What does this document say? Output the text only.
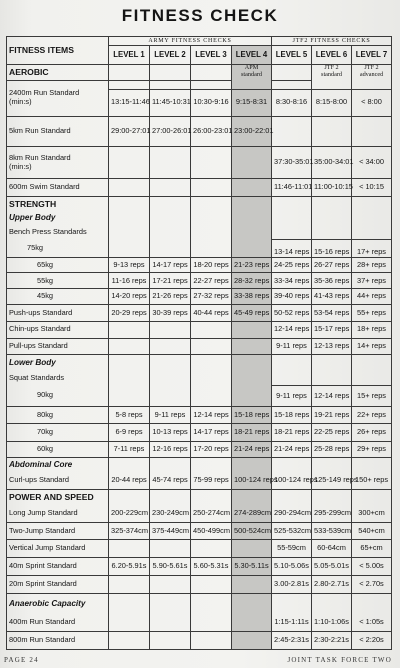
FITNESS CHECK
FITNESS ITEMS	ARMY FITNESS CHECKS				JTF2 FITNESS CHECKS		
	LEVEL 1	LEVEL 2	LEVEL 3	LEVEL 4	LEVEL 5	LEVEL 6	LEVEL 7
AEROBIC				APM standard		JTF 2 standard	JTF 2 advanced

2400m Run Standard
(min:s)	13:15-11:46	11:45-10:31	10:30-9:16	9:15-8:31	8:30-8:16	8:15-8:00	< 8:00
5km Run Standard	29:00-27:01	27:00-26:01	26:00-23:01	23:00-22:01			
8km Run Standard
(min:s)					37:30-35:01	35:00-34:01	< 34:00
600m Swim Standard					11:46-11:01	11:00-10:15	< 10:15
STRENGTH							
Upper Body							
Bench Press Standards							
75kg					13-14 reps	15-16 reps	17+ reps
65kg	9-13 reps	14-17 reps	18-20 reps	21-23 reps	24-25 reps	26-27 reps	28+ reps
55kg	11-16 reps	17-21 reps	22-27 reps	28-32 reps	33-34 reps	35-36 reps	37+ reps
45kg	14-20 reps	21-26 reps	27-32 reps	33-38 reps	39-40 reps	41-43 reps	44+ reps
Push-ups Standard	20-29 reps	30-39 reps	40-44 reps	45-49 reps	50-52 reps	53-54 reps	55+ reps
Chin-ups Standard					12-14 reps	15-17 reps	18+ reps
Pull-ups Standard					9-11 reps	12-13 reps	14+ reps
Lower Body							
Squat Standards							
90kg					9-11 reps	12-14 reps	15+ reps
80kg	5-8 reps	9-11 reps	12-14 reps	15-18 reps	15-18 reps	19-21 reps	22+ reps
70kg	6-9 reps	10-13 reps	14-17 reps	18-21 reps	18-21 reps	22-25 reps	26+ reps
60kg	7-11 reps	12-16 reps	17-20 reps	21-24 reps	21-24 reps	25-28 reps	29+ reps
Abdominal Core							
Curl-ups Standard	20-44 reps	45-74 reps	75-99 reps	100-124 reps	100-124 reps	125-149 reps	150+ reps
POWER AND SPEED							
Long Jump Standard	200-229cm	230-249cm	250-274cm	274-289cm	290-294cm	295-299cm	300+cm
Two-Jump Standard	325-374cm	375-449cm	450-499cm	500-524cm	525-532cm	533-539cm	540+cm
Vertical Jump Standard					55-59cm	60-64cm	65+cm
40m Sprint Standard	6.20-5.91s	5.90-5.61s	5.60-5.31s	5.30-5.11s	5.10-5.06s	5.05-5.01s	< 5.00s
20m Sprint Standard					3.00-2.81s	2.80-2.71s	< 2.70s
Anaerobic Capacity							
400m Run Standard					1:15-1:11s	1:10-1:06s	< 1:05s
800m Run Standard					2:45-2:31s	2:30-2:21s	< 2:20s
PAGE 24	JOINT TASK FORCE TWO
